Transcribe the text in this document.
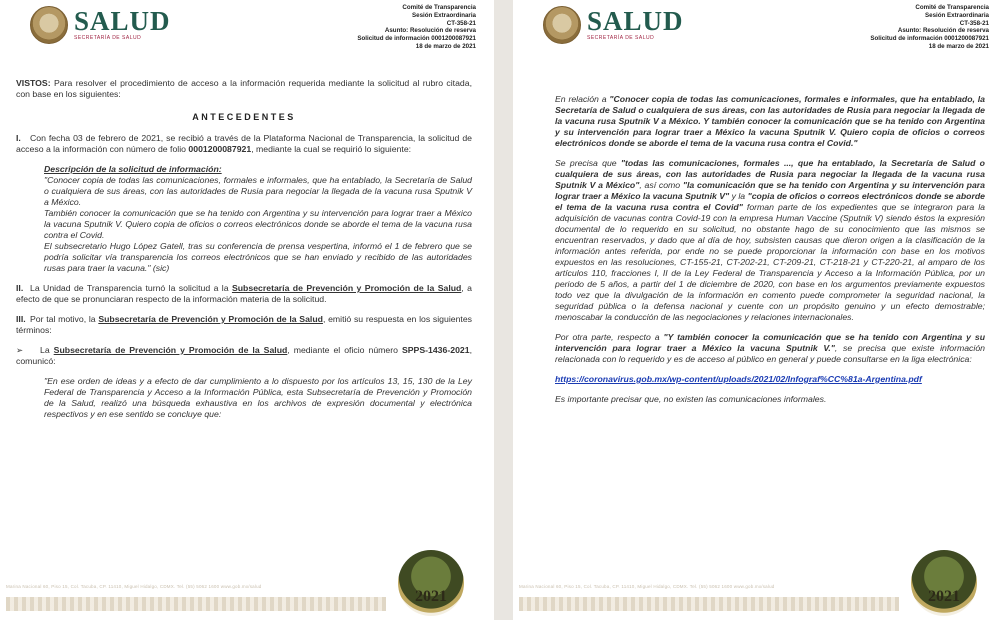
SALUD
SECRETARÍA DE SALUD
Comité de Transparencia
Sesión Extraordinaria
CT-358-21
Asunto: Resolución de reserva
Solicitud de información 0001200087921
18 de marzo de 2021

VISTOS: Para resolver el procedimiento de acceso a la información requerida mediante la solicitud al rubro citada, con base en los siguientes:

ANTECEDENTES

I. Con fecha 03 de febrero de 2021, se recibió a través de la Plataforma Nacional de Transparencia, la solicitud de acceso a la información con número de folio 0001200087921, mediante la cual se requirió lo siguiente:

Descripción de la solicitud de información:
"Conocer copia de todas las comunicaciones, formales e informales, que ha entablado, la Secretaría de Salud o cualquiera de sus áreas, con las autoridades de Rusia para negociar la llegada de la vacuna rusa Sputnik V a México.
También conocer la comunicación que se ha tenido con Argentina y su intervención para lograr traer a México la vacuna Sputnik V. Quiero copia de oficios o correos electrónicos donde se aborde el tema de la vacuna rusa contra el Covid.
El subsecretario Hugo López Gatell, tras su conferencia de prensa vespertina, informó el 1 de febrero que se podría solicitar vía transparencia los correos electrónicos que se han enviado y recibido de las autoridades rusas para traer la vacuna." (sic)

II. La Unidad de Transparencia turnó la solicitud a la Subsecretaría de Prevención y Promoción de la Salud, a efecto de que se pronunciaran respecto de la información materia de la solicitud.

III. Por tal motivo, la Subsecretaría de Prevención y Promoción de la Salud, emitió su respuesta en los siguientes términos:

➢ La Subsecretaría de Prevención y Promoción de la Salud, mediante el oficio número SPPS-1436-2021, comunicó:

"En ese orden de ideas y a efecto de dar cumplimiento a lo dispuesto por los artículos 13, 15, 130 de la Ley Federal de Transparencia y Acceso a la Información Pública, esta Subsecretaría de Prevención y Promoción de la Salud, realizó una búsqueda exhaustiva en los archivos de expresión documental y electrónica respectivos y en ese sentido se concluye que:
Marina Nacional 60, Piso 15, Col. Tacuba, CP. 11410, Miguel Hidalgo, CDMX. Tel. (55) 5062 1600 www.gob.mx/salud
2021
SALUD
SECRETARÍA DE SALUD
Comité de Transparencia
Sesión Extraordinaria
CT-358-21
Asunto: Resolución de reserva
Solicitud de información 0001200087921
18 de marzo de 2021

En relación a "Conocer copia de todas las comunicaciones, formales e informales, que ha entablado, la Secretaría de Salud o cualquiera de sus áreas, con las autoridades de Rusia para negociar la llegada de la vacuna rusa Sputnik V a México. Y también conocer la comunicación que se ha tenido con Argentina y su intervención para lograr traer a México la vacuna Sputnik V. Quiero copia de oficios o correos electrónicos donde se aborde el tema de la vacuna rusa contra el Covid."

Se precisa que "todas las comunicaciones, formales ..., que ha entablado, la Secretaría de Salud o cualquiera de sus áreas, con las autoridades de Rusia para negociar la llegada de la vacuna rusa Sputnik V a México", así como "la comunicación que se ha tenido con Argentina y su intervención para lograr traer a México la vacuna Sputnik V" y la "copia de oficios o correos electrónicos donde se aborde el tema de la vacuna rusa contra el Covid" forman parte de los expedientes que se integraron para la adquisición de vacunas contra Covid-19 con la empresa Human Vaccine (Sputnik V) siendo éstos la expresión documental de lo requerido en su solicitud, no obstante hago de su conocimiento que las mismos se encuentran reservados, y dado que al día de hoy, subsisten causas que dieron origen a la clasificación de la información antes referida, por ende no se puede proporcionar la información con base en los motivos expuestos en las resoluciones, CT-155-21, CT-202-21, CT-209-21, CT-218-21 y CT-220-21, al amparo de los artículos 110, fracciones I, II de la Ley Federal de Transparencia y Acceso a la Información Pública, por un periodo de 5 años, a partir del 1 de diciembre de 2020, con base en los argumentos previamente expuestos todo vez que la divulgación de la información en comento puede comprometer la seguridad nacional, la seguridad pública o la defensa nacional y cuente con un propósito genuino y un efecto demostrable; menoscabar la conducción de las negociaciones y relaciones internacionales.

Por otra parte, respecto a "Y también conocer la comunicación que se ha tenido con Argentina y su intervención para lograr traer a México la vacuna Sputnik V.", se precisa que existe información relacionada con lo requerido y es de acceso al público en general y puede consultarse en la liga electrónica:

https://coronavirus.gob.mx/wp-content/uploads/2021/02/Infograf%CC%81a-Argentina.pdf

Es importante precisar que, no existen las comunicaciones informales.

Marina Nacional 60, Piso 15, Col. Tacuba, CP. 11410, Miguel Hidalgo, CDMX. Tel. (55) 5062 1600 www.gob.mx/salud
2021
